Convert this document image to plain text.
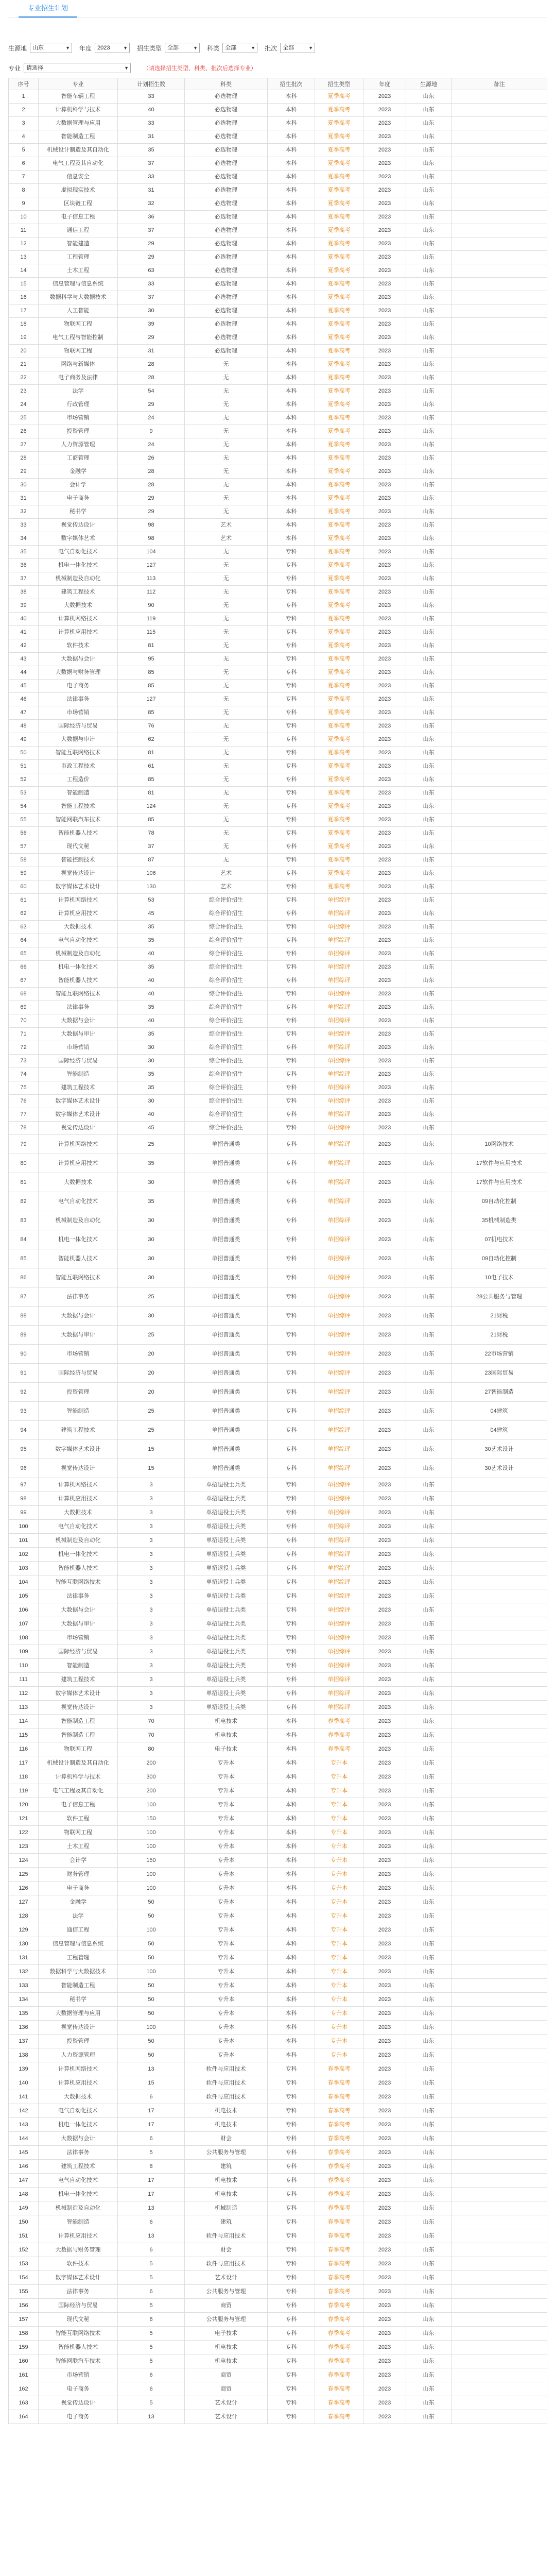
专业招生计划
生源地	山东	▼ 年度	2023	▼ 招生类型	全部	▼ 科类	全部	▼ 批次	全部	▼
专业	请选择	▼	（请选择招生类型、科类、批次后选择专业）
序号	专业	计划招生数	科类	招生批次	招生类型	年度	生源地	备注
1	智能车辆工程	33	必选物理	本科	夏季高考	2023	山东	
2	计算机科学与技术	40	必选物理	本科	夏季高考	2023	山东	
3	大数据管理与应用	33	必选物理	本科	夏季高考	2023	山东	
4	智能制造工程	31	必选物理	本科	夏季高考	2023	山东	
5	机械设计制造及其自动化	35	必选物理	本科	夏季高考	2023	山东	
6	电气工程及其自动化	37	必选物理	本科	夏季高考	2023	山东	
7	信息安全	33	必选物理	本科	夏季高考	2023	山东	
8	虚拟现实技术	31	必选物理	本科	夏季高考	2023	山东	
9	区块链工程	32	必选物理	本科	夏季高考	2023	山东	
10	电子信息工程	36	必选物理	本科	夏季高考	2023	山东	
11	通信工程	37	必选物理	本科	夏季高考	2023	山东	
12	智能建造	29	必选物理	本科	夏季高考	2023	山东	
13	工程管理	29	必选物理	本科	夏季高考	2023	山东	
14	土木工程	63	必选物理	本科	夏季高考	2023	山东	
15	信息管理与信息系统	33	必选物理	本科	夏季高考	2023	山东	
16	数据科学与大数据技术	37	必选物理	本科	夏季高考	2023	山东	
17	人工智能	30	必选物理	本科	夏季高考	2023	山东	
18	物联网工程	39	必选物理	本科	夏季高考	2023	山东	
19	电气工程与智能控制	29	必选物理	本科	夏季高考	2023	山东	
20	物联网工程	31	必选物理	本科	夏季高考	2023	山东	
21	网络与新媒体	28	无	本科	夏季高考	2023	山东	
22	电子商务及法律	28	无	本科	夏季高考	2023	山东	
23	法学	54	无	本科	夏季高考	2023	山东	
24	行政管理	29	无	本科	夏季高考	2023	山东	
25	市场营销	24	无	本科	夏季高考	2023	山东	
26	投资管理	9	无	本科	夏季高考	2023	山东	
27	人力资源管理	24	无	本科	夏季高考	2023	山东	
28	工商管理	26	无	本科	夏季高考	2023	山东	
29	金融学	28	无	本科	夏季高考	2023	山东	
30	会计学	28	无	本科	夏季高考	2023	山东	
31	电子商务	29	无	本科	夏季高考	2023	山东	
32	秘书学	29	无	本科	夏季高考	2023	山东	
33	视觉传达设计	98	艺术	本科	夏季高考	2023	山东	
34	数字媒体艺术	98	艺术	本科	夏季高考	2023	山东	
35	电气自动化技术	104	无	专科	夏季高考	2023	山东	
36	机电一体化技术	127	无	专科	夏季高考	2023	山东	
37	机械制造及自动化	113	无	专科	夏季高考	2023	山东	
38	建筑工程技术	112	无	专科	夏季高考	2023	山东	
39	大数据技术	90	无	专科	夏季高考	2023	山东	
40	计算机网络技术	119	无	专科	夏季高考	2023	山东	
41	计算机应用技术	115	无	专科	夏季高考	2023	山东	
42	软件技术	81	无	专科	夏季高考	2023	山东	
43	大数据与会计	95	无	专科	夏季高考	2023	山东	
44	大数据与财务管理	85	无	专科	夏季高考	2023	山东	
45	电子商务	85	无	专科	夏季高考	2023	山东	
46	法律事务	127	无	专科	夏季高考	2023	山东	
47	市场营销	85	无	专科	夏季高考	2023	山东	
48	国际经济与贸易	76	无	专科	夏季高考	2023	山东	
49	大数据与审计	62	无	专科	夏季高考	2023	山东	
50	智能互联网络技术	81	无	专科	夏季高考	2023	山东	
51	市政工程技术	61	无	专科	夏季高考	2023	山东	
52	工程造价	85	无	专科	夏季高考	2023	山东	
53	智能制造	81	无	专科	夏季高考	2023	山东	
54	智能工程技术	124	无	专科	夏季高考	2023	山东	
55	智能网联汽车技术	85	无	专科	夏季高考	2023	山东	
56	智能机器人技术	78	无	专科	夏季高考	2023	山东	
57	现代文秘	37	无	专科	夏季高考	2023	山东	
58	智能控制技术	87	无	专科	夏季高考	2023	山东	
59	视觉传达设计	106	艺术	专科	夏季高考	2023	山东	
60	数字媒体艺术设计	130	艺术	专科	夏季高考	2023	山东	
61	计算机网络技术	53	综合评价招生	专科	单招综评	2023	山东	
62	计算机应用技术	45	综合评价招生	专科	单招综评	2023	山东	
63	大数据技术	35	综合评价招生	专科	单招综评	2023	山东	
64	电气自动化技术	35	综合评价招生	专科	单招综评	2023	山东	
65	机械制造及自动化	40	综合评价招生	专科	单招综评	2023	山东	
66	机电一体化技术	35	综合评价招生	专科	单招综评	2023	山东	
67	智能机器人技术	40	综合评价招生	专科	单招综评	2023	山东	
68	智能互联网络技术	40	综合评价招生	专科	单招综评	2023	山东	
69	法律事务	35	综合评价招生	专科	单招综评	2023	山东	
70	大数据与会计	40	综合评价招生	专科	单招综评	2023	山东	
71	大数据与审计	35	综合评价招生	专科	单招综评	2023	山东	
72	市场营销	30	综合评价招生	专科	单招综评	2023	山东	
73	国际经济与贸易	30	综合评价招生	专科	单招综评	2023	山东	
74	智能制造	35	综合评价招生	专科	单招综评	2023	山东	
75	建筑工程技术	35	综合评价招生	专科	单招综评	2023	山东	
76	数字媒体艺术设计	30	综合评价招生	专科	单招综评	2023	山东	
77	数字媒体艺术设计	40	综合评价招生	专科	单招综评	2023	山东	
78	视觉传达设计	45	综合评价招生	专科	单招综评	2023	山东	
79	计算机网络技术	25	单招普通类	专科	单招综评	2023	山东	10网络技术
80	计算机应用技术	35	单招普通类	专科	单招综评	2023	山东	17软件与应用技术
81	大数据技术	30	单招普通类	专科	单招综评	2023	山东	17软件与应用技术
82	电气自动化技术	35	单招普通类	专科	单招综评	2023	山东	09自动化控制
83	机械制造及自动化	30	单招普通类	专科	单招综评	2023	山东	35机械制造类
84	机电一体化技术	30	单招普通类	专科	单招综评	2023	山东	07机电技术
85	智能机器人技术	30	单招普通类	专科	单招综评	2023	山东	09自动化控制
86	智能互联网络技术	30	单招普通类	专科	单招综评	2023	山东	10电子技术
87	法律事务	25	单招普通类	专科	单招综评	2023	山东	28公共服务与管理
88	大数据与会计	30	单招普通类	专科	单招综评	2023	山东	21财税
89	大数据与审计	25	单招普通类	专科	单招综评	2023	山东	21财税
90	市场营销	20	单招普通类	专科	单招综评	2023	山东	22市场营销
91	国际经济与贸易	20	单招普通类	专科	单招综评	2023	山东	23国际贸易
92	投资管理	20	单招普通类	专科	单招综评	2023	山东	27智能制造
93	智能制造	25	单招普通类	专科	单招综评	2023	山东	04建筑
94	建筑工程技术	25	单招普通类	专科	单招综评	2023	山东	04建筑
95	数字媒体艺术设计	15	单招普通类	专科	单招综评	2023	山东	30艺术设计
96	视觉传达设计	15	单招普通类	专科	单招综评	2023	山东	30艺术设计
97	计算机网络技术	3	单招退役士兵类	专科	单招综评	2023	山东	
98	计算机应用技术	3	单招退役士兵类	专科	单招综评	2023	山东	
99	大数据技术	3	单招退役士兵类	专科	单招综评	2023	山东	
100	电气自动化技术	3	单招退役士兵类	专科	单招综评	2023	山东	
101	机械制造及自动化	3	单招退役士兵类	专科	单招综评	2023	山东	
102	机电一体化技术	3	单招退役士兵类	专科	单招综评	2023	山东	
103	智能机器人技术	3	单招退役士兵类	专科	单招综评	2023	山东	
104	智能互联网络技术	3	单招退役士兵类	专科	单招综评	2023	山东	
105	法律事务	3	单招退役士兵类	专科	单招综评	2023	山东	
106	大数据与会计	3	单招退役士兵类	专科	单招综评	2023	山东	
107	大数据与审计	3	单招退役士兵类	专科	单招综评	2023	山东	
108	市场营销	3	单招退役士兵类	专科	单招综评	2023	山东	
109	国际经济与贸易	3	单招退役士兵类	专科	单招综评	2023	山东	
110	智能制造	3	单招退役士兵类	专科	单招综评	2023	山东	
111	建筑工程技术	3	单招退役士兵类	专科	单招综评	2023	山东	
112	数字媒体艺术设计	3	单招退役士兵类	专科	单招综评	2023	山东	
113	视觉传达设计	3	单招退役士兵类	专科	单招综评	2023	山东	
114	智能制造工程	70	机电技术	本科	春季高考	2023	山东	
115	智能制造工程	70	机电技术	本科	春季高考	2023	山东	
116	物联网工程	80	电子技术	本科	春季高考	2023	山东	
117	机械设计制造及其自动化	200	专升本	本科	专升本	2023	山东	
118	计算机科学与技术	300	专升本	本科	专升本	2023	山东	
119	电气工程及其自动化	200	专升本	本科	专升本	2023	山东	
120	电子信息工程	100	专升本	本科	专升本	2023	山东	
121	软件工程	150	专升本	本科	专升本	2023	山东	
122	物联网工程	100	专升本	本科	专升本	2023	山东	
123	土木工程	100	专升本	本科	专升本	2023	山东	
124	会计学	150	专升本	本科	专升本	2023	山东	
125	财务管理	100	专升本	本科	专升本	2023	山东	
126	电子商务	100	专升本	本科	专升本	2023	山东	
127	金融学	50	专升本	本科	专升本	2023	山东	
128	法学	50	专升本	本科	专升本	2023	山东	
129	通信工程	100	专升本	本科	专升本	2023	山东	
130	信息管理与信息系统	50	专升本	本科	专升本	2023	山东	
131	工程管理	50	专升本	本科	专升本	2023	山东	
132	数据科学与大数据技术	100	专升本	本科	专升本	2023	山东	
133	智能制造工程	50	专升本	本科	专升本	2023	山东	
134	秘书学	50	专升本	本科	专升本	2023	山东	
135	大数据管理与应用	50	专升本	本科	专升本	2023	山东	
136	视觉传达设计	100	专升本	本科	专升本	2023	山东	
137	投资管理	50	专升本	本科	专升本	2023	山东	
138	人力资源管理	50	专升本	本科	专升本	2023	山东	
139	计算机网络技术	13	软件与应用技术	专科	春季高考	2023	山东	
140	计算机应用技术	15	软件与应用技术	专科	春季高考	2023	山东	
141	大数据技术	6	软件与应用技术	专科	春季高考	2023	山东	
142	电气自动化技术	17	机电技术	专科	春季高考	2023	山东	
143	机电一体化技术	17	机电技术	专科	春季高考	2023	山东	
144	大数据与会计	6	财会	专科	春季高考	2023	山东	
145	法律事务	5	公共服务与管理	专科	春季高考	2023	山东	
146	建筑工程技术	8	建筑	专科	春季高考	2023	山东	
147	电气自动化技术	17	机电技术	专科	春季高考	2023	山东	
148	机电一体化技术	17	机电技术	专科	春季高考	2023	山东	
149	机械制造及自动化	13	机械制造	专科	春季高考	2023	山东	
150	智能制造	6	建筑	专科	春季高考	2023	山东	
151	计算机应用技术	13	软件与应用技术	专科	春季高考	2023	山东	
152	大数据与财务管理	6	财会	专科	春季高考	2023	山东	
153	软件技术	5	软件与应用技术	专科	春季高考	2023	山东	
154	数字媒体艺术设计	5	艺术设计	专科	春季高考	2023	山东	
155	法律事务	6	公共服务与管理	专科	春季高考	2023	山东	
156	国际经济与贸易	5	商贸	专科	春季高考	2023	山东	
157	现代文秘	6	公共服务与管理	专科	春季高考	2023	山东	
158	智能互联网络技术	5	电子技术	专科	春季高考	2023	山东	
159	智能机器人技术	5	机电技术	专科	春季高考	2023	山东	
160	智能网联汽车技术	5	机电技术	专科	春季高考	2023	山东	
161	市场营销	6	商贸	专科	春季高考	2023	山东	
162	电子商务	6	商贸	专科	春季高考	2023	山东	
163	视觉传达设计	5	艺术设计	专科	春季高考	2023	山东	
164	电子商务	13	艺术设计	专科	春季高考	2023	山东	
